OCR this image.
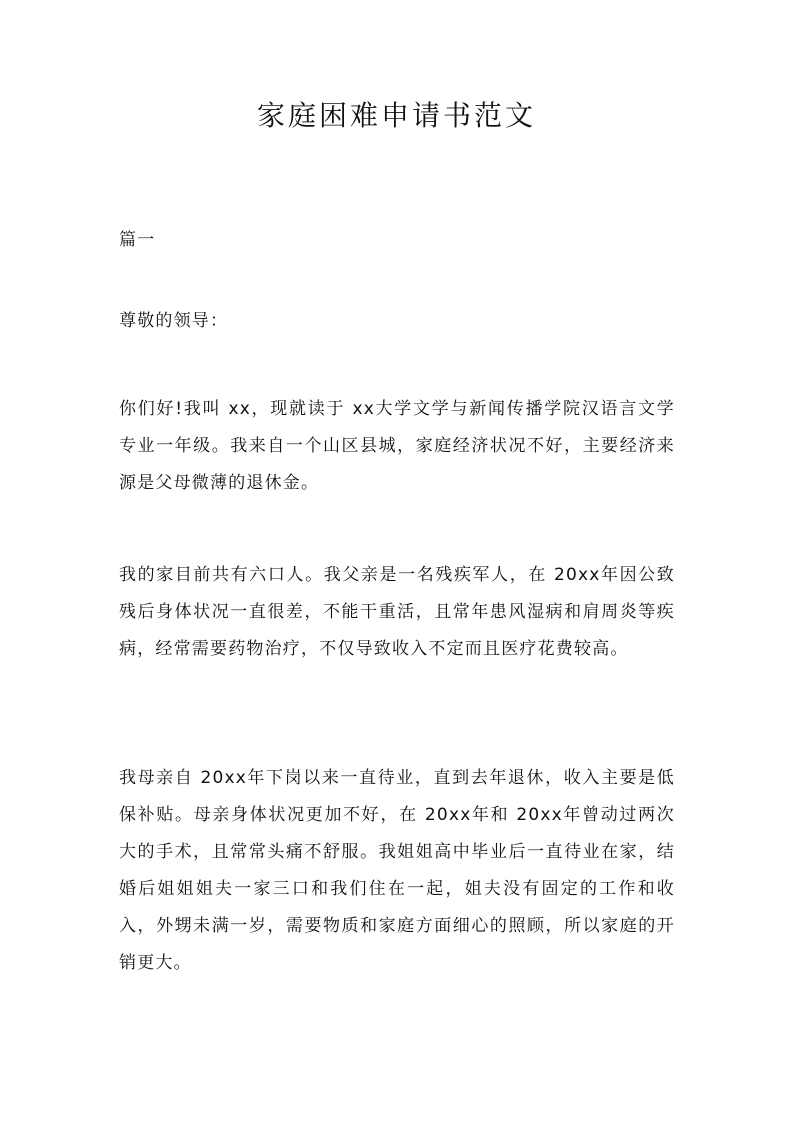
家庭困难申请书范文

篇一

尊敬的领导：

你们好!我叫 xx，现就读于 xx大学文学与新闻传播学院汉语言文学专业一年级。我来自一个山区县城，家庭经济状况不好，主要经济来源是父母微薄的退休金。

我的家目前共有六口人。我父亲是一名残疾军人，在 20xx年因公致残后身体状况一直很差，不能干重活，且常年患风湿病和肩周炎等疾病，经常需要药物治疗，不仅导致收入不定而且医疗花费较高。

我母亲自 20xx年下岗以来一直待业，直到去年退休，收入主要是低保补贴。母亲身体状况更加不好，在 20xx年和 20xx年曾动过两次大的手术，且常常头痛不舒服。我姐姐高中毕业后一直待业在家，结婚后姐姐姐夫一家三口和我们住在一起，姐夫没有固定的工作和收入，外甥未满一岁，需要物质和家庭方面细心的照顾，所以家庭的开销更大。
